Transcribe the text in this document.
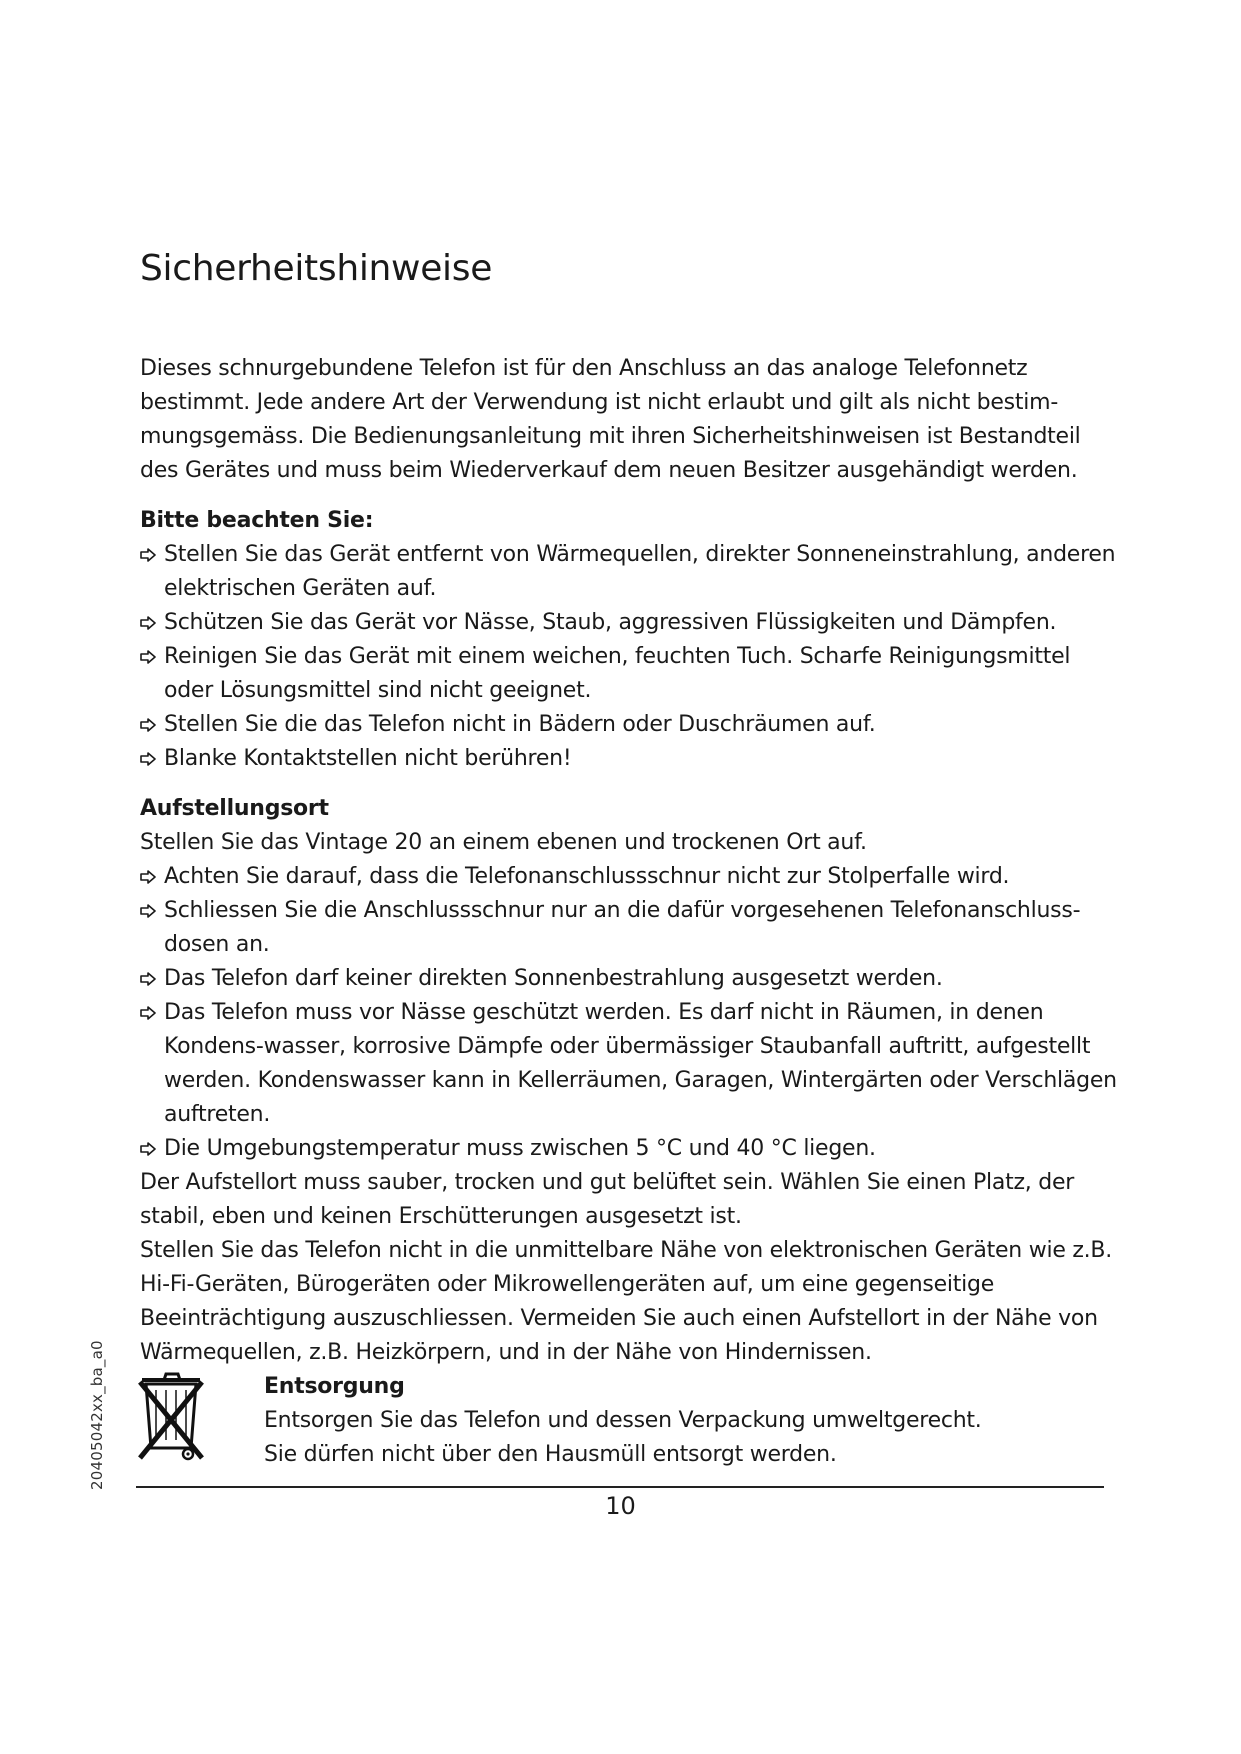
Sicherheitshinweise

Dieses schnurgebundene Telefon ist für den Anschluss an das analoge Telefonnetz bestimmt. Jede andere Art der Verwendung ist nicht erlaubt und gilt als nicht bestim-mungsgemäss. Die Bedienungsanleitung mit ihren Sicherheitshinweisen ist Bestandteil des Gerätes und muss beim Wiederverkauf dem neuen Besitzer ausgehändigt werden.

Bitte beachten Sie:

Stellen Sie das Gerät entfernt von Wärmequellen, direkter Sonneneinstrahlung, anderen elektrischen Geräten auf.
Schützen Sie das Gerät vor Nässe, Staub, aggressiven Flüssigkeiten und Dämpfen.
Reinigen Sie das Gerät mit einem weichen, feuchten Tuch. Scharfe Reinigungsmittel oder Lösungsmittel sind nicht geeignet.
Stellen Sie die das Telefon nicht in Bädern oder Duschräumen auf.
Blanke Kontaktstellen nicht berühren!

Aufstellungsort

Stellen Sie das Vintage 20 an einem ebenen und trockenen Ort auf.

Achten Sie darauf, dass die Telefonanschlussschnur nicht zur Stolperfalle wird.
Schliessen Sie die Anschlussschnur nur an die dafür vorgesehenen Telefonanschluss-dosen an.
Das Telefon darf keiner direkten Sonnenbestrahlung ausgesetzt werden.
Das Telefon muss vor Nässe geschützt werden. Es darf nicht in Räumen, in denen Kondens-wasser, korrosive Dämpfe oder übermässiger Staubanfall auftritt, aufgestellt werden. Kondenswasser kann in Kellerräumen, Garagen, Wintergärten oder Verschlägen auftreten.
Die Umgebungstemperatur muss zwischen 5 °C und 40 °C liegen.

Der Aufstellort muss sauber, trocken und gut belüftet sein. Wählen Sie einen Platz, der stabil, eben und keinen Erschütterungen ausgesetzt ist.

Stellen Sie das Telefon nicht in die unmittelbare Nähe von elektronischen Geräten wie z.B. Hi-Fi-Geräten, Bürogeräten oder Mikrowellengeräten auf, um eine gegenseitige Beeinträchtigung auszuschliessen. Vermeiden Sie auch einen Aufstellort in der Nähe von Wärmequellen, z.B. Heizkörpern, und in der Nähe von Hindernissen.

Entsorgung

Entsorgen Sie das Telefon und dessen Verpackung umweltgerecht.

Sie dürfen nicht über den Hausmüll entsorgt werden.

10
20405042xx_ba_a0
